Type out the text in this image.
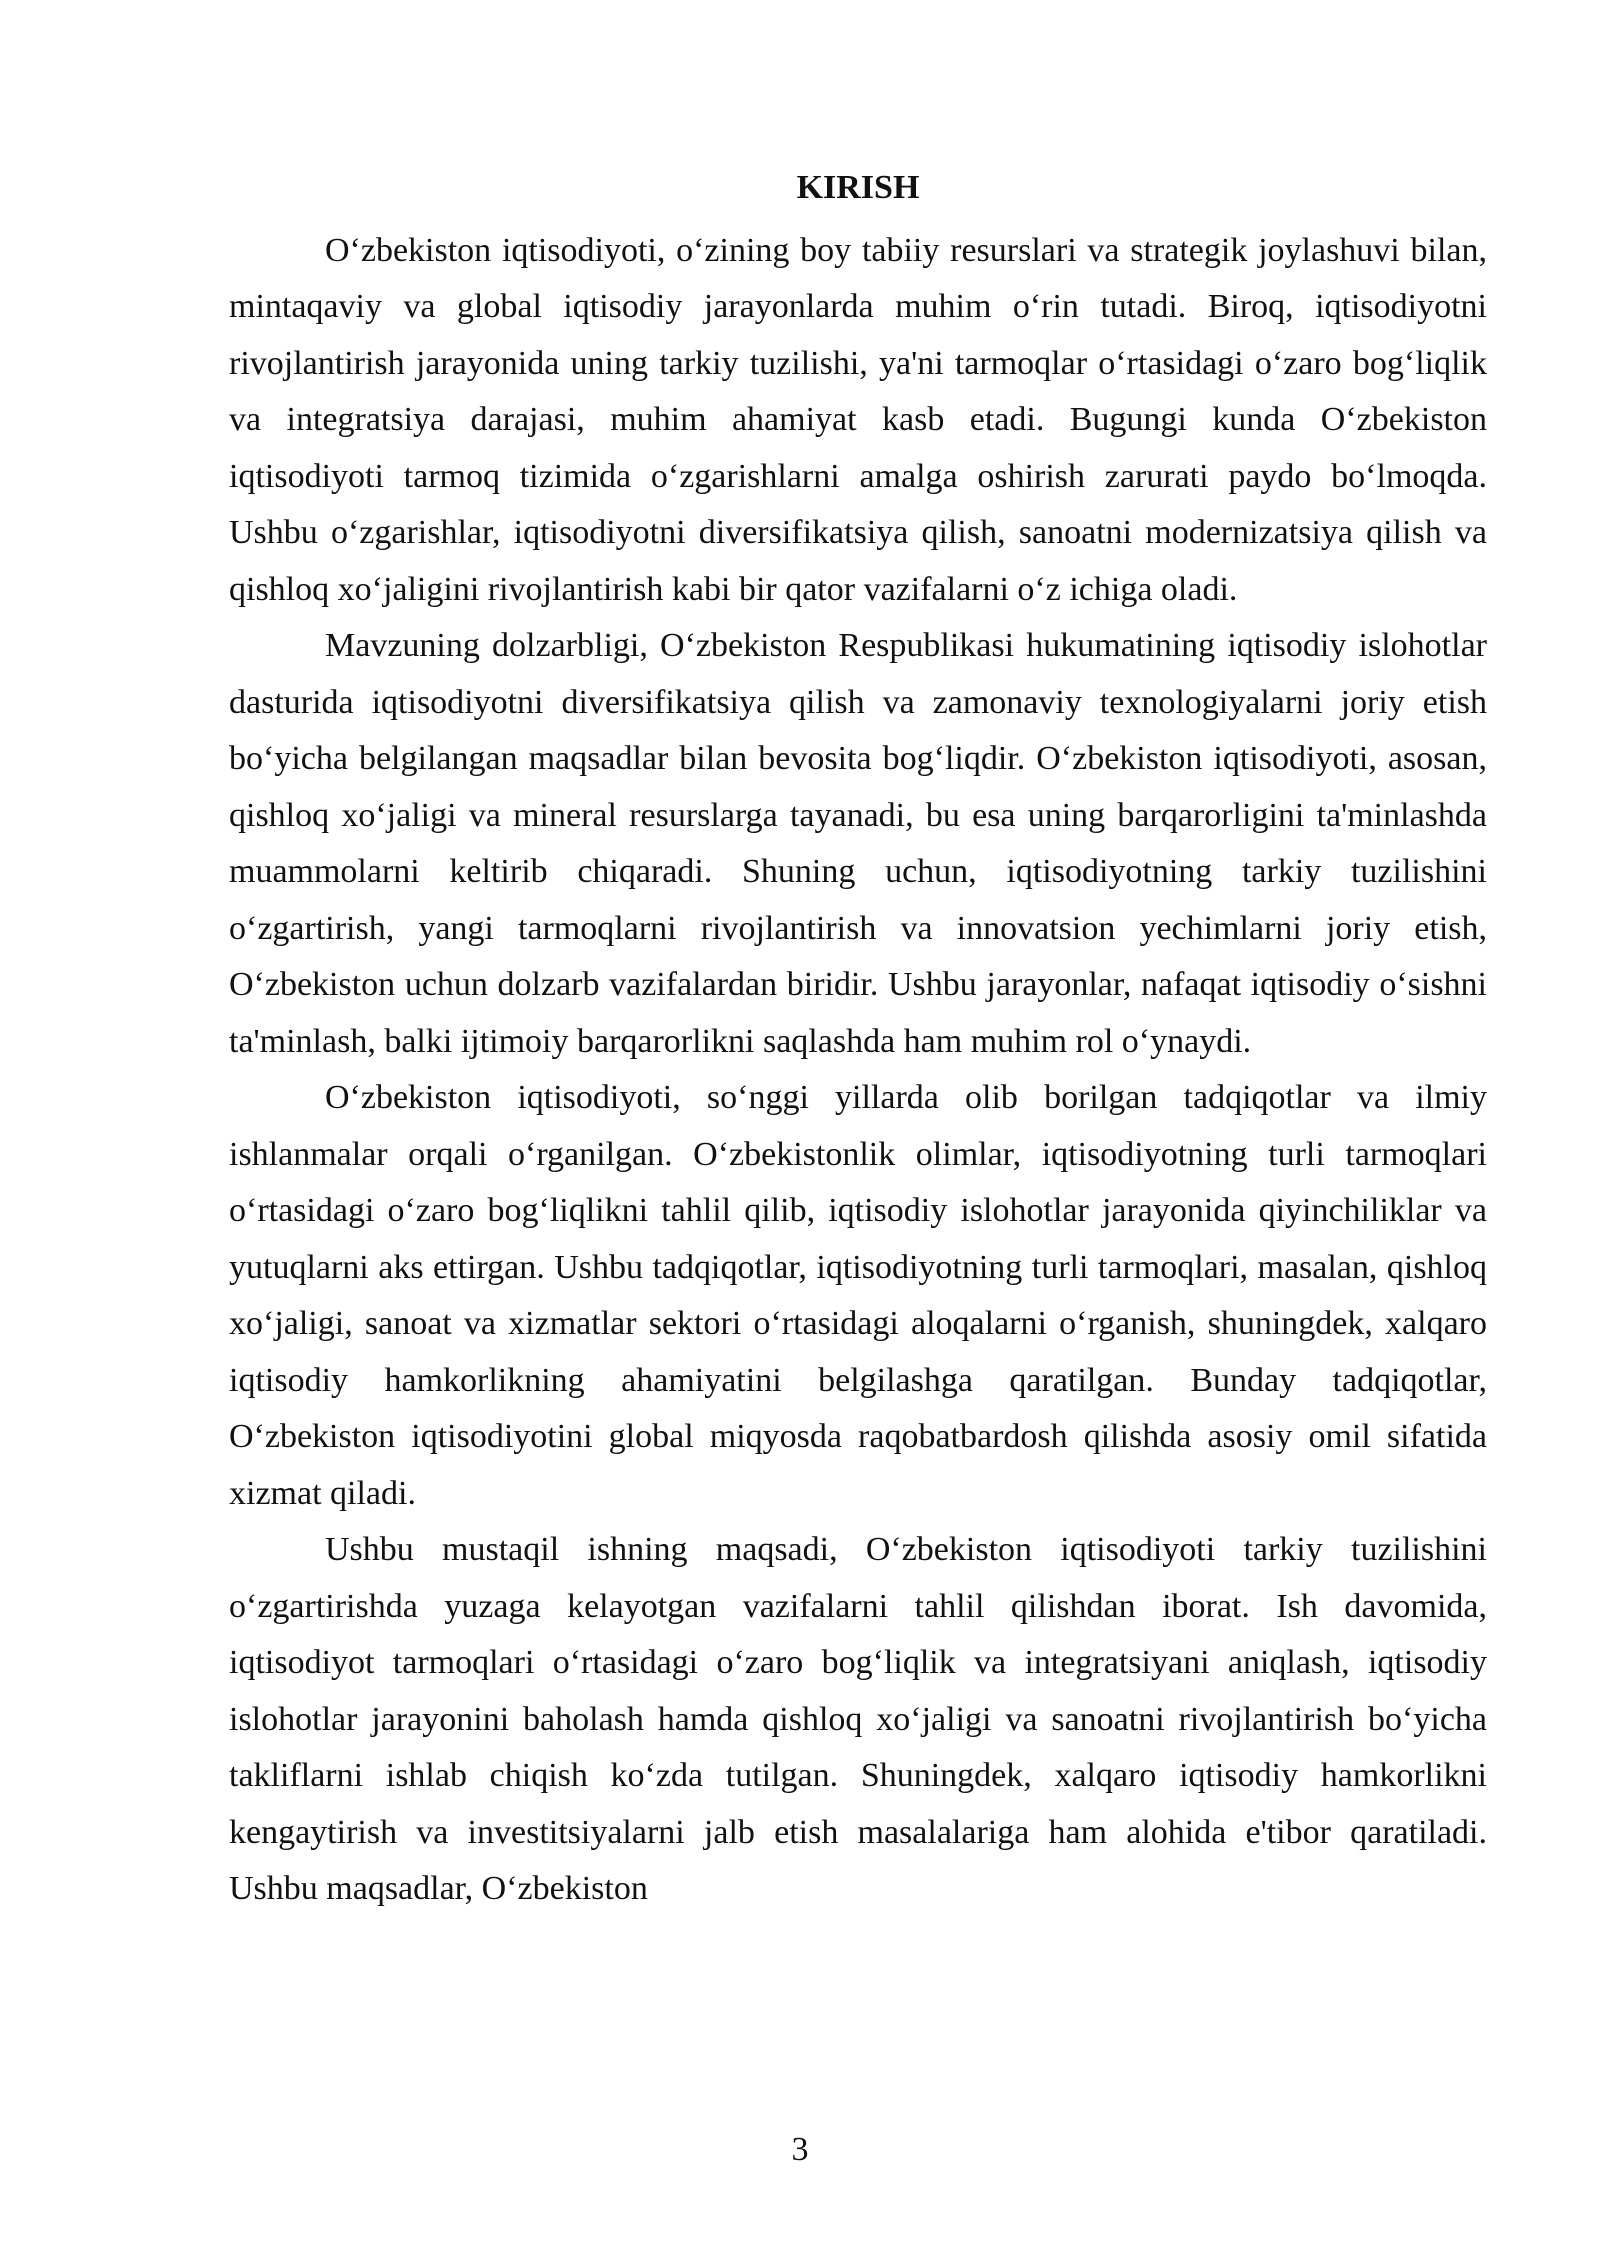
KIRISH

O‘zbekiston iqtisodiyoti, o‘zining boy tabiiy resurslari va strategik joylashuvi bilan, mintaqaviy va global iqtisodiy jarayonlarda muhim o‘rin tutadi. Biroq, iqtisodiyotni rivojlantirish jarayonida uning tarkiy tuzilishi, ya'ni tarmoqlar o‘rtasidagi o‘zaro bog‘liqlik va integratsiya darajasi, muhim ahamiyat kasb etadi. Bugungi kunda O‘zbekiston iqtisodiyoti tarmoq tizimida o‘zgarishlarni amalga oshirish zarurati paydo bo‘lmoqda. Ushbu o‘zgarishlar, iqtisodiyotni diversifikatsiya qilish, sanoatni modernizatsiya qilish va qishloq xo‘jaligini rivojlantirish kabi bir qator vazifalarni o‘z ichiga oladi.

Mavzuning dolzarbligi, O‘zbekiston Respublikasi hukumatining iqtisodiy islohotlar dasturida iqtisodiyotni diversifikatsiya qilish va zamonaviy texnologiyalarni joriy etish bo‘yicha belgilangan maqsadlar bilan bevosita bog‘liqdir. O‘zbekiston iqtisodiyoti, asosan, qishloq xo‘jaligi va mineral resurslarga tayanadi, bu esa uning barqarorligini ta'minlashda muammolarni keltirib chiqaradi. Shuning uchun, iqtisodiyotning tarkiy tuzilishini o‘zgartirish, yangi tarmoqlarni rivojlantirish va innovatsion yechimlarni joriy etish, O‘zbekiston uchun dolzarb vazifalardan biridir. Ushbu jarayonlar, nafaqat iqtisodiy o‘sishni ta'minlash, balki ijtimoiy barqarorlikni saqlashda ham muhim rol o‘ynaydi.

O‘zbekiston iqtisodiyoti, so‘nggi yillarda olib borilgan tadqiqotlar va ilmiy ishlanmalar orqali o‘rganilgan. O‘zbekistonlik olimlar, iqtisodiyotning turli tarmoqlari o‘rtasidagi o‘zaro bog‘liqlikni tahlil qilib, iqtisodiy islohotlar jarayonida qiyinchiliklar va yutuqlarni aks ettirgan. Ushbu tadqiqotlar, iqtisodiyotning turli tarmoqlari, masalan, qishloq xo‘jaligi, sanoat va xizmatlar sektori o‘rtasidagi aloqalarni o‘rganish, shuningdek, xalqaro iqtisodiy hamkorlikning ahamiyatini belgilashga qaratilgan. Bunday tadqiqotlar, O‘zbekiston iqtisodiyotini global miqyosda raqobatbardosh qilishda asosiy omil sifatida xizmat qiladi.

Ushbu mustaqil ishning maqsadi, O‘zbekiston iqtisodiyoti tarkiy tuzilishini o‘zgartirishda yuzaga kelayotgan vazifalarni tahlil qilishdan iborat. Ish davomida, iqtisodiyot tarmoqlari o‘rtasidagi o‘zaro bog‘liqlik va integratsiyani aniqlash, iqtisodiy islohotlar jarayonini baholash hamda qishloq xo‘jaligi va sanoatni rivojlantirish bo‘yicha takliflarni ishlab chiqish ko‘zda tutilgan. Shuningdek, xalqaro iqtisodiy hamkorlikni kengaytirish va investitsiyalarni jalb etish masalalariga ham alohida e'tibor qaratiladi. Ushbu maqsadlar, O‘zbekiston

3
